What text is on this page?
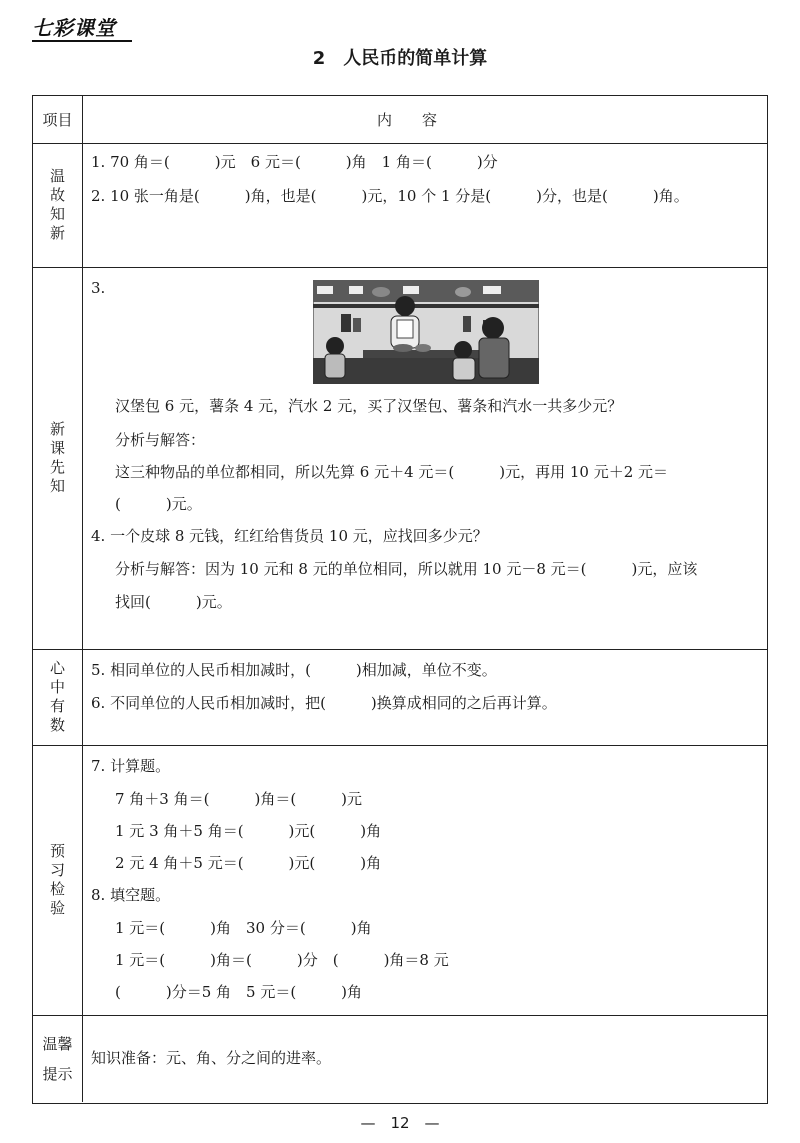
七彩课堂
2　人民币的简单计算
项目	内容
温故知新
1. 70 角＝(　　　)元　6 元＝(　　　)角　1 角＝(　　　)分
2. 10 张一角是(　　　)角，也是(　　　)元，10 个 1 分是(　　　)分，也是(　　　)角。
新课先知
3.
汉堡包 6 元，薯条 4 元，汽水 2 元，买了汉堡包、薯条和汽水一共多少元？
分析与解答：
这三种物品的单位都相同，所以先算 6 元＋4 元＝(　　　)元，再用 10 元＋2 元＝
(　　　)元。
4. 一个皮球 8 元钱，红红给售货员 10 元，应找回多少元？
分析与解答：因为 10 元和 8 元的单位相同，所以就用 10 元－8 元＝(　　　)元，应该
找回(　　　)元。
心中有数	5. 相同单位的人民币相加减时，(　　　)相加减，单位不变。
6. 不同单位的人民币相加减时，把(　　　)换算成相同的之后再计算。
预习检验
7. 计算题。
7 角＋3 角＝(　　　)角＝(　　　)元
1 元 3 角＋5 角＝(　　　)元(　　　)角
2 元 4 角＋5 元＝(　　　)元(　　　)角
8. 填空题。
1 元＝(　　　)角　30 分＝(　　　)角
1 元＝(　　　)角＝(　　　)分　(　　　)角＝8 元
(　　　)分＝5 角　5 元＝(　　　)角
温馨
提示
知识准备：元、角、分之间的进率。
—　12　—
